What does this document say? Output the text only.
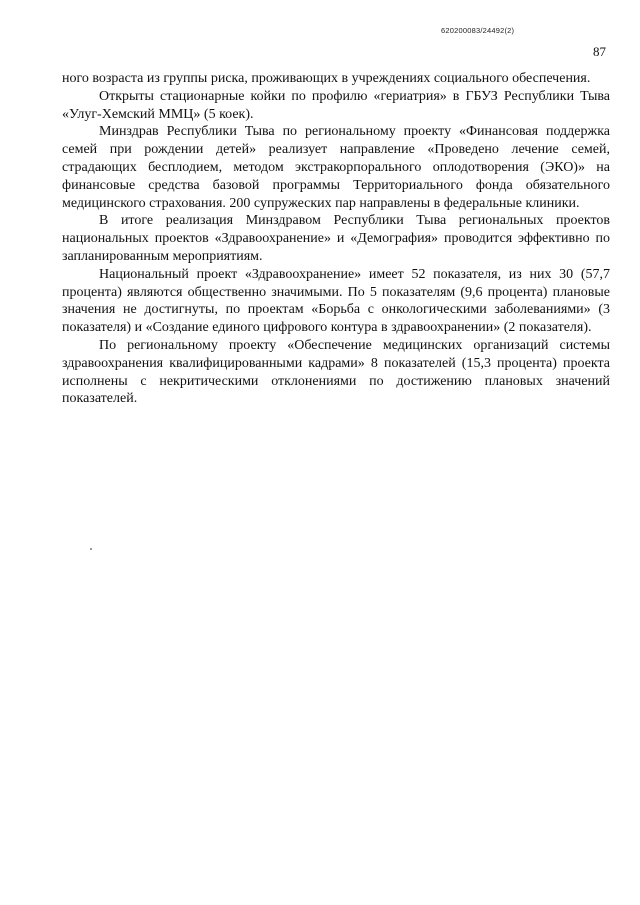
620200083/24492(2)
87

ного возраста из группы риска, проживающих в учреждениях социального обеспечения.

Открыты стационарные койки по профилю «гериатрия» в ГБУЗ Республики Тыва «Улуг-Хемский ММЦ» (5 коек).

Минздрав Республики Тыва по региональному проекту «Финансовая поддержка семей при рождении детей» реализует направление «Проведено лечение семей, страдающих бесплодием, методом экстракорпорального оплодотворения (ЭКО)» на финансовые средства базовой программы Территориального фонда обязательного медицинского страхования. 200 супружеских пар направлены в федеральные клиники.

В итоге реализация Минздравом Республики Тыва региональных проектов национальных проектов «Здравоохранение» и «Демография» проводится эффективно по запланированным мероприятиям.

Национальный проект «Здравоохранение» имеет 52 показателя, из них 30 (57,7 процента) являются общественно значимыми. По 5 показателям (9,6 процента) плановые значения не достигнуты, по проектам «Борьба с онкологическими заболеваниями» (3 показателя) и «Создание единого цифрового контура в здравоохранении» (2 показателя).

По региональному проекту «Обеспечение медицинских организаций системы здравоохранения квалифицированными кадрами» 8 показателей (15,3 процента) проекта исполнены с некритическими отклонениями по достижению плановых значений показателей.
